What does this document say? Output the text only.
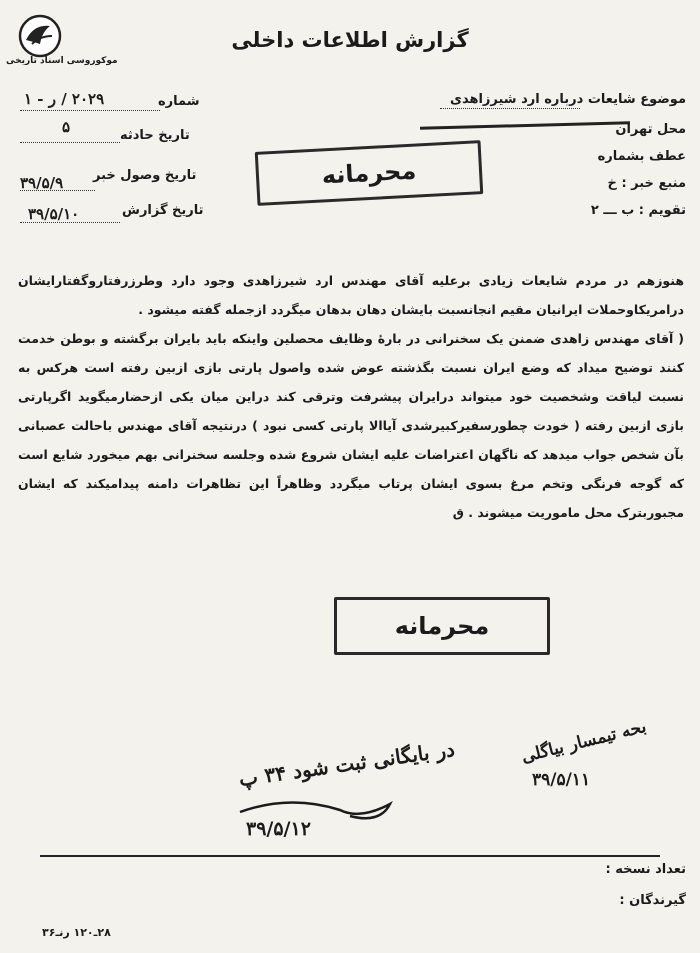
موکوروسی اسناد تاریخی
گزارش اطلاعات داخلی
موضوع شایعات درباره ارد شیرزاهدی
محل تهران
عطف بشماره
منبع خبر : خ
تقویم : ب ـــ ۲
شماره
۲۰۲۹ / ر - ۱
تاریخ حادثه
۵
تاریخ وصول خبر
۳۹/۵/۹
تاریخ گزارش
۳۹/۵/۱۰
محرمانه

هنوزهم در مردم شایعات زیادی برعلیه آقای مهندس ارد شیرزاهدی وجود دارد وطرزرفتاروگفتارایشان درامریکاوحملات ایرانیان مقیم انجانسبت بایشان دهان بدهان میگردد ازجمله گفته میشود .

( آقای مهندس زاهدی ضمنن یک سخنرانی در بارهٔ وظایف محصلین واینکه باید بایران برگشته و بوطن خدمت کنند توضیح میداد که وضع ایران نسبت بگذشته عوض شده واصول پارتی بازی ازبین رفته است هرکس به نسبت لیاقت وشخصیت خود میتواند درایران پیشرفت وترقی کند دراین میان یکی ازحضارمیگوید اگرپارتی بازی ازبین رفته ( خودت چطورسفیرکبیرشدی آیاالا پارتی کسی نبود ) درنتیجه آقای مهندس باحالت عصبانی بآن شخص جواب میدهد که ناگهان اعتراضات علیه ایشان شروع شده وجلسه سخنرانی بهم میخورد شایع است که گوجه فرنگی وتخم مرغ بسوی ایشان پرتاب میگردد وظاهراً این تظاهرات دامنه پیدامیکند که ایشان مجبوربترک محل ماموریت میشوند . ق

محرمانه
بحه تیمسار بیاگلی
۳۹/۵/۱۱
در بایگانی ثبت شود ۳۴ پ
۳۹/۵/۱۲
تعداد نسخه :
گیرندگان :
۲۸ـ۱۲۰ رنـ۳۶
